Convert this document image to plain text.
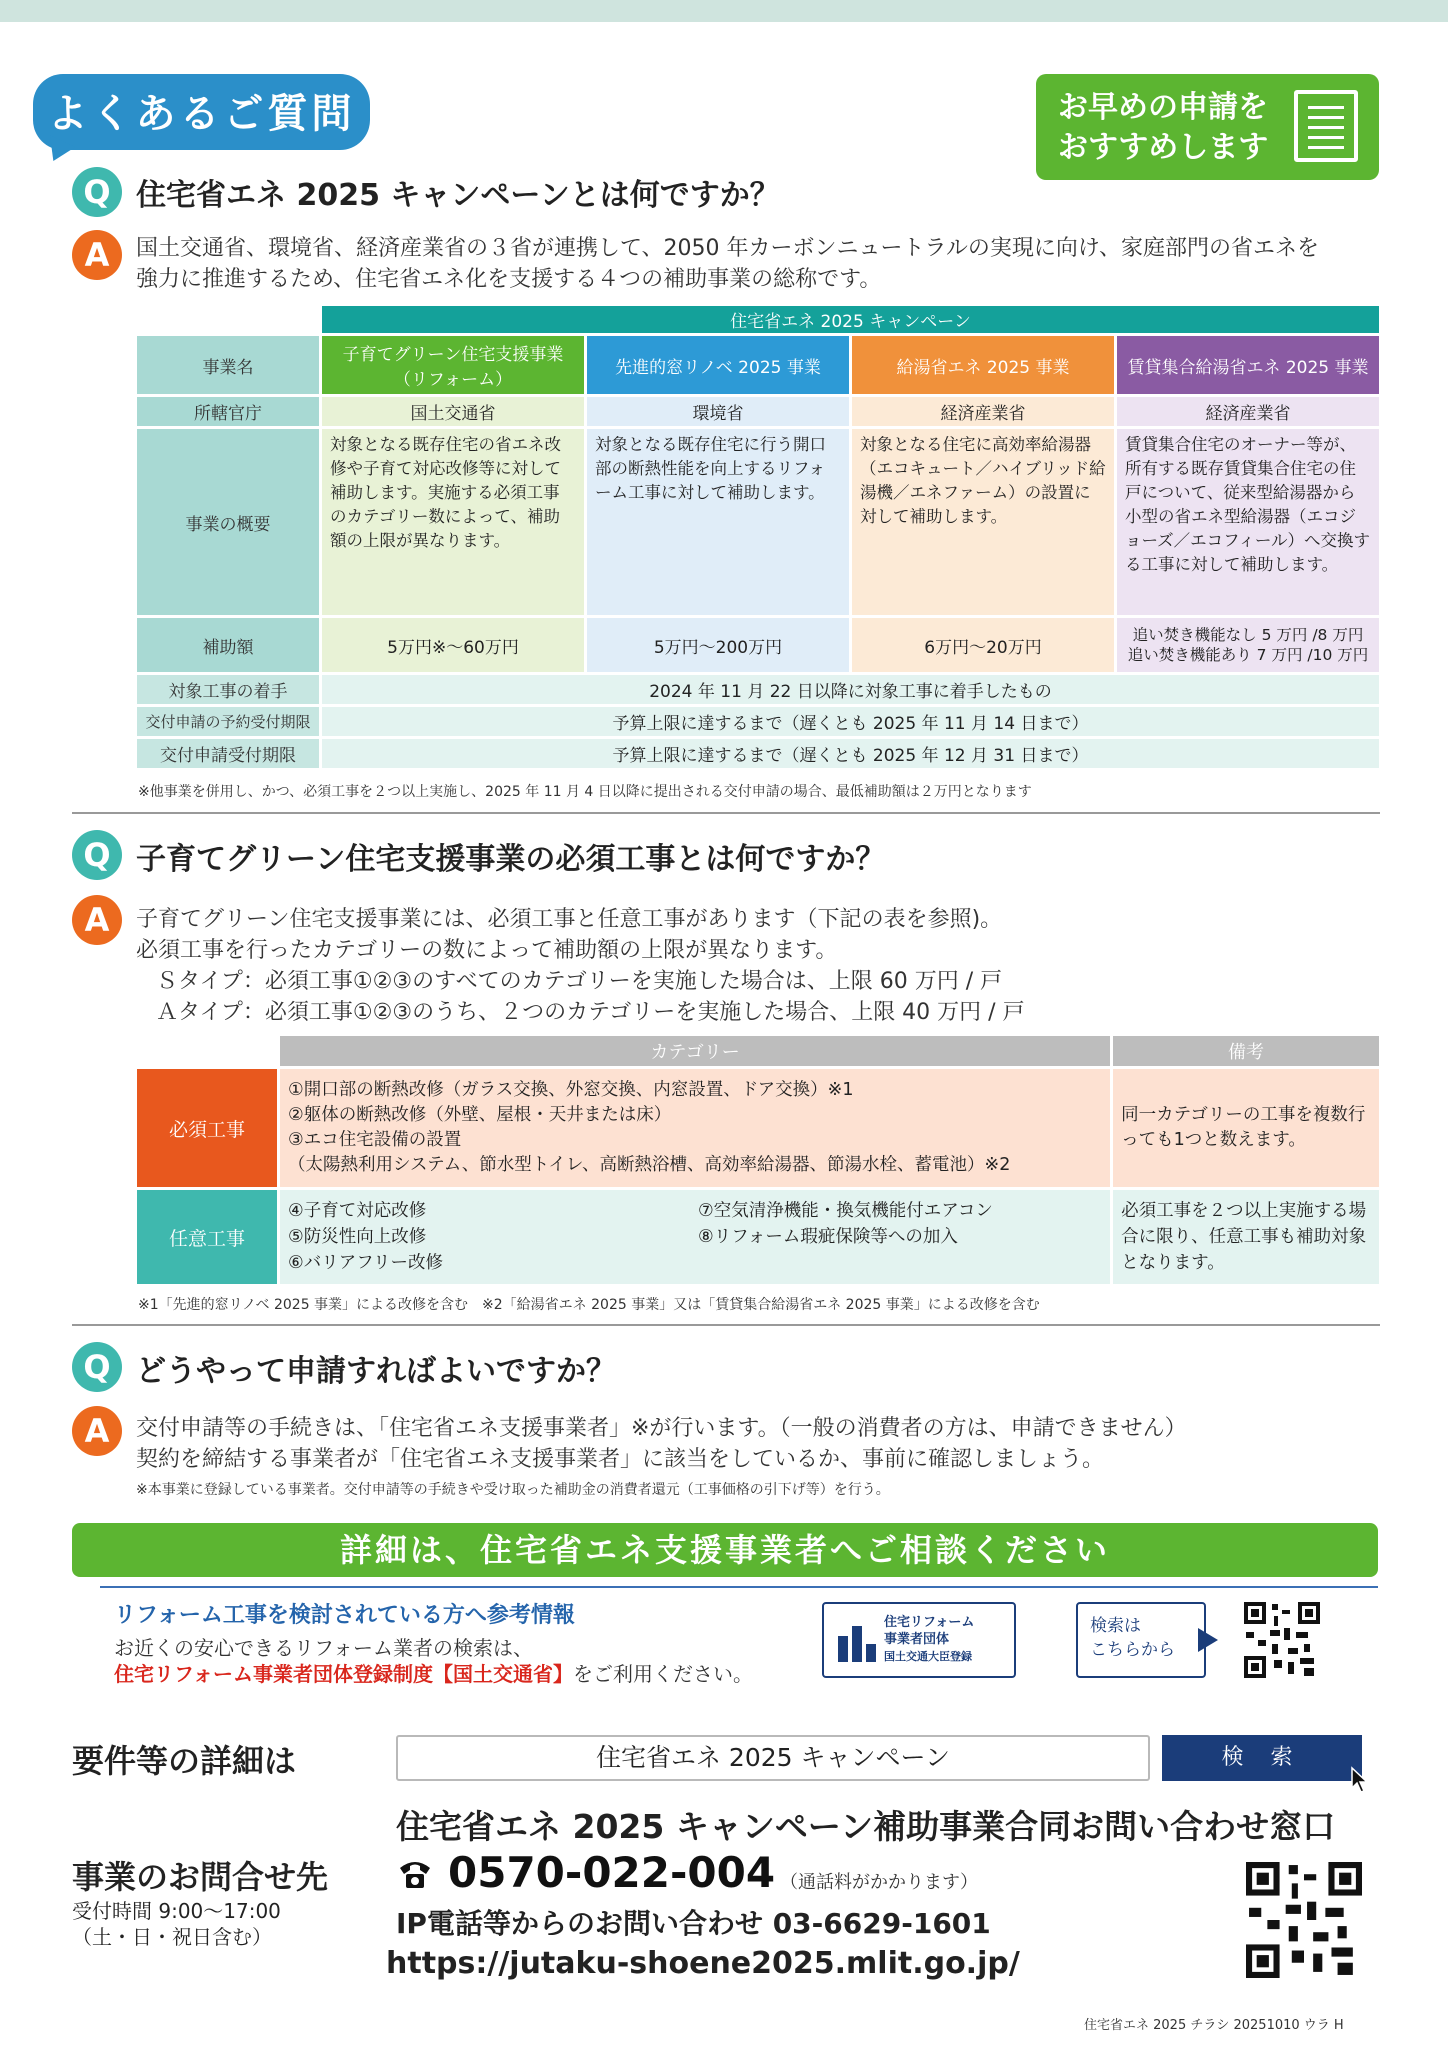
よくあるご質問	お早めの申請を
おすすめします
Q 住宅省エネ 2025 キャンペーンとは何ですか？
A	国土交通省、環境省、経済産業省の３省が連携して、2050 年カーボンニュートラルの実現に向け、家庭部門の省エネを
強力に推進するため、住宅省エネ化を支援する４つの補助事業の総称です。
	住宅省エネ 2025 キャンペーン			
事業名	子育てグリーン住宅支援事業（リフォーム）	先進的窓リノベ 2025 事業	給湯省エネ 2025 事業	賃貸集合給湯省エネ 2025 事業
所轄官庁	国土交通省	環境省	経済産業省	経済産業省
事業の概要	対象となる既存住宅の省エネ改修や子育て対応改修等に対して補助します。実施する必須工事のカテゴリー数によって、補助額の上限が異なります。	対象となる既存住宅に行う開口部の断熱性能を向上するリフォーム工事に対して補助します。	対象となる住宅に高効率給湯器（エコキュート／ハイブリッド給湯機／エネファーム）の設置に対して補助します。	賃貸集合住宅のオーナー等が、所有する既存賃貸集合住宅の住戸について、従来型給湯器から小型の省エネ型給湯器（エコジョーズ／エコフィール）へ交換する工事に対して補助します。
補助額	5万円※～60万円	5万円～200万円	6万円～20万円	追い焚き機能なし 5 万円 /8 万円
追い焚き機能あり 7 万円 /10 万円

対象工事の着手	2024 年 11 月 22 日以降に対象工事に着手したもの			
交付申請の予約受付期限	予算上限に達するまで（遅くとも 2025 年 11 月 14 日まで）			
交付申請受付期限	予算上限に達するまで（遅くとも 2025 年 12 月 31 日まで）			
※他事業を併用し、かつ、必須工事を２つ以上実施し、2025 年 11 月 4 日以降に提出される交付申請の場合、最低補助額は２万円となります
Q 子育てグリーン住宅支援事業の必須工事とは何ですか？
A	子育てグリーン住宅支援事業には、必須工事と任意工事があります（下記の表を参照)。
必須工事を行ったカテゴリーの数によって補助額の上限が異なります。
Ｓタイプ：必須工事①②③のすべてのカテゴリーを実施した場合は、上限 60 万円 / 戸
Ａタイプ：必須工事①②③のうち、２つのカテゴリーを実施した場合、上限 40 万円 / 戸
	カテゴリー	備考
必須工事	①開口部の断熱改修（ガラス交換、外窓交換、内窓設置、ドア交換）※1
②躯体の断熱改修（外壁、屋根・天井または床）
③エコ住宅設備の設置
（太陽熱利用システム、節水型トイレ、高断熱浴槽、高効率給湯器、節湯水栓、蓄電池）※2	同一カテゴリーの工事を複数行っても1つと数えます。
任意工事	④子育て対応改修
⑤防災性向上改修
⑥バリアフリー改修
⑦空気清浄機能・換気機能付エアコン
⑧リフォーム瑕疵保険等への加入	必須工事を２つ以上実施する場合に限り、任意工事も補助対象となります。
※1「先進的窓リノベ 2025 事業」による改修を含む　※2「給湯省エネ 2025 事業」又は「賃貸集合給湯省エネ 2025 事業」による改修を含む
Q どうやって申請すればよいですか？
A	交付申請等の手続きは、「住宅省エネ支援事業者」※が行います。（一般の消費者の方は、申請できません）
契約を締結する事業者が「住宅省エネ支援事業者」に該当をしているか、事前に確認しましょう。
※本事業に登録している事業者。交付申請等の手続きや受け取った補助金の消費者還元（工事価格の引下げ等）を行う。
詳細は、住宅省エネ支援事業者へご相談ください
リフォーム工事を検討されている方へ参考情報
お近くの安心できるリフォーム業者の検索は、
住宅リフォーム事業者団体登録制度【国土交通省】をご利用ください。
住宅リフォーム
事業者団体
国土交通大臣登録
検索は
こちらから
要件等の詳細は	住宅省エネ 2025 キャンペーン	検 索
住宅省エネ 2025 キャンペーン補助事業合同お問い合わせ窓口
事業のお問合せ先
受付時間 9:00～17:00
（土・日・祝日含む）
0570-022-004 （通話料がかかります）
IP電話等からのお問い合わせ 03-6629-1601
https://jutaku-shoene2025.mlit.go.jp/
住宅省エネ 2025 チラシ 20251010 ウラ H
